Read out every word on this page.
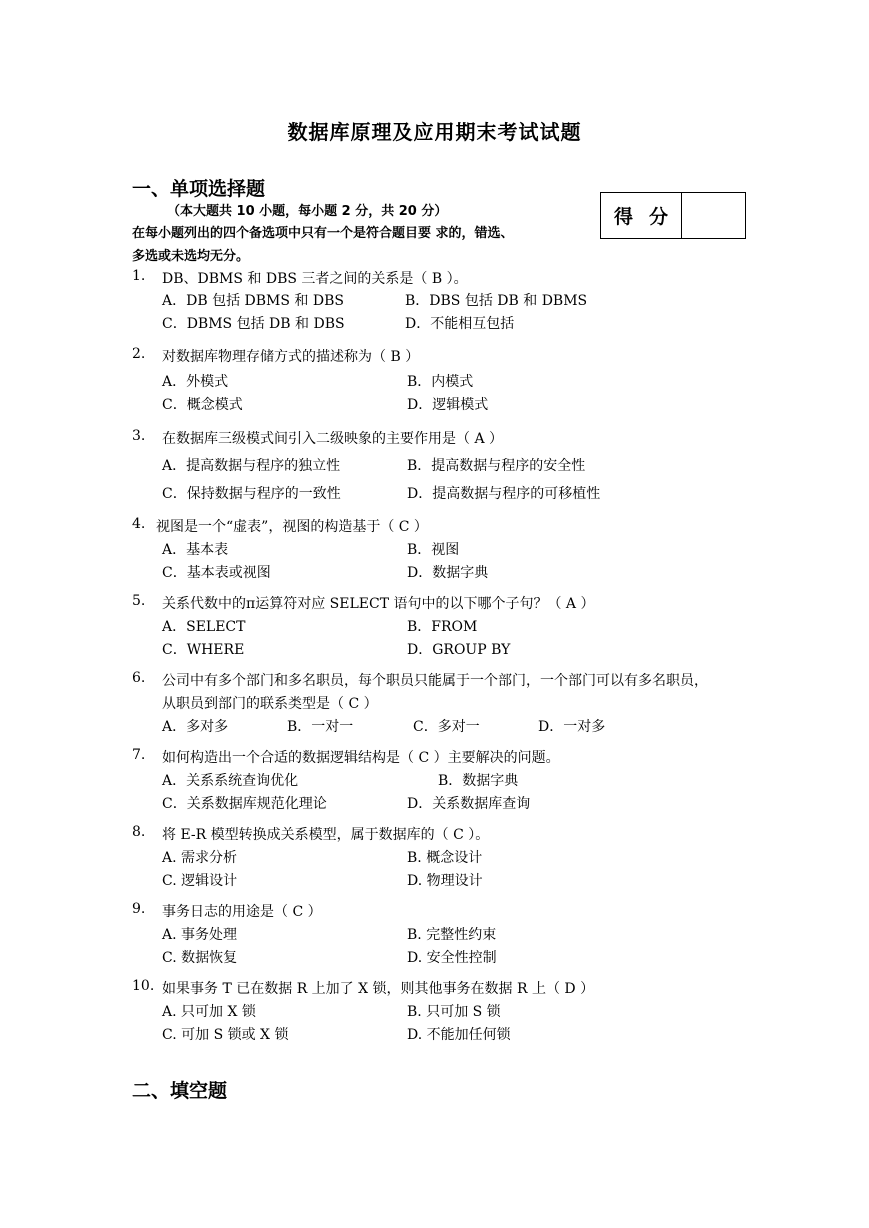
数据库原理及应用期末考试试题
一、单项选择题
（本大题共 10 小题，每小题 2 分，共 20 分）
在每小题列出的四个备选项中只有一个是符合题目要 求的，错选、
多选或未选均无分。
得分
1. DB、DBMS 和 DBS 三者之间的关系是（ B ）。
A．DB 包括 DBMS 和 DBS	B．DBS 包括 DB 和 DBMS
C．DBMS 包括 DB 和 DBS	D．不能相互包括
2. 对数据库物理存储方式的描述称为（ B ）
A．外模式	B．内模式
C．概念模式	D．逻辑模式
3. 在数据库三级模式间引入二级映象的主要作用是（ A ）
A．提高数据与程序的独立性	B．提高数据与程序的安全性
C．保持数据与程序的一致性	D．提高数据与程序的可移植性
4. 视图是一个“虚表”，视图的构造基于（ C ）
A．基本表	B．视图
C．基本表或视图	D．数据字典
5. 关系代数中的π运算符对应 SELECT 语句中的以下哪个子句？（ A ）
A．SELECT	B．FROM
C．WHERE	D．GROUP BY
6. 公司中有多个部门和多名职员，每个职员只能属于一个部门，一个部门可以有多名职员，
从职员到部门的联系类型是（ C ）
A．多对多	B．一对一	C．多对一	D．一对多
7. 如何构造出一个合适的数据逻辑结构是（ C ）主要解决的问题。
A．关系系统查询优化	B．数据字典
C．关系数据库规范化理论	D．关系数据库查询
8. 将 E-R 模型转换成关系模型，属于数据库的（ C ）。
A. 需求分析	B. 概念设计
C. 逻辑设计	D. 物理设计
9. 事务日志的用途是（ C ）
A. 事务处理	B. 完整性约束
C. 数据恢复	D. 安全性控制
10. 如果事务 T 已在数据 R 上加了 X 锁，则其他事务在数据 R 上（ D ）
A. 只可加 X 锁	B. 只可加 S 锁
C. 可加 S 锁或 X 锁	D. 不能加任何锁
二、填空题
